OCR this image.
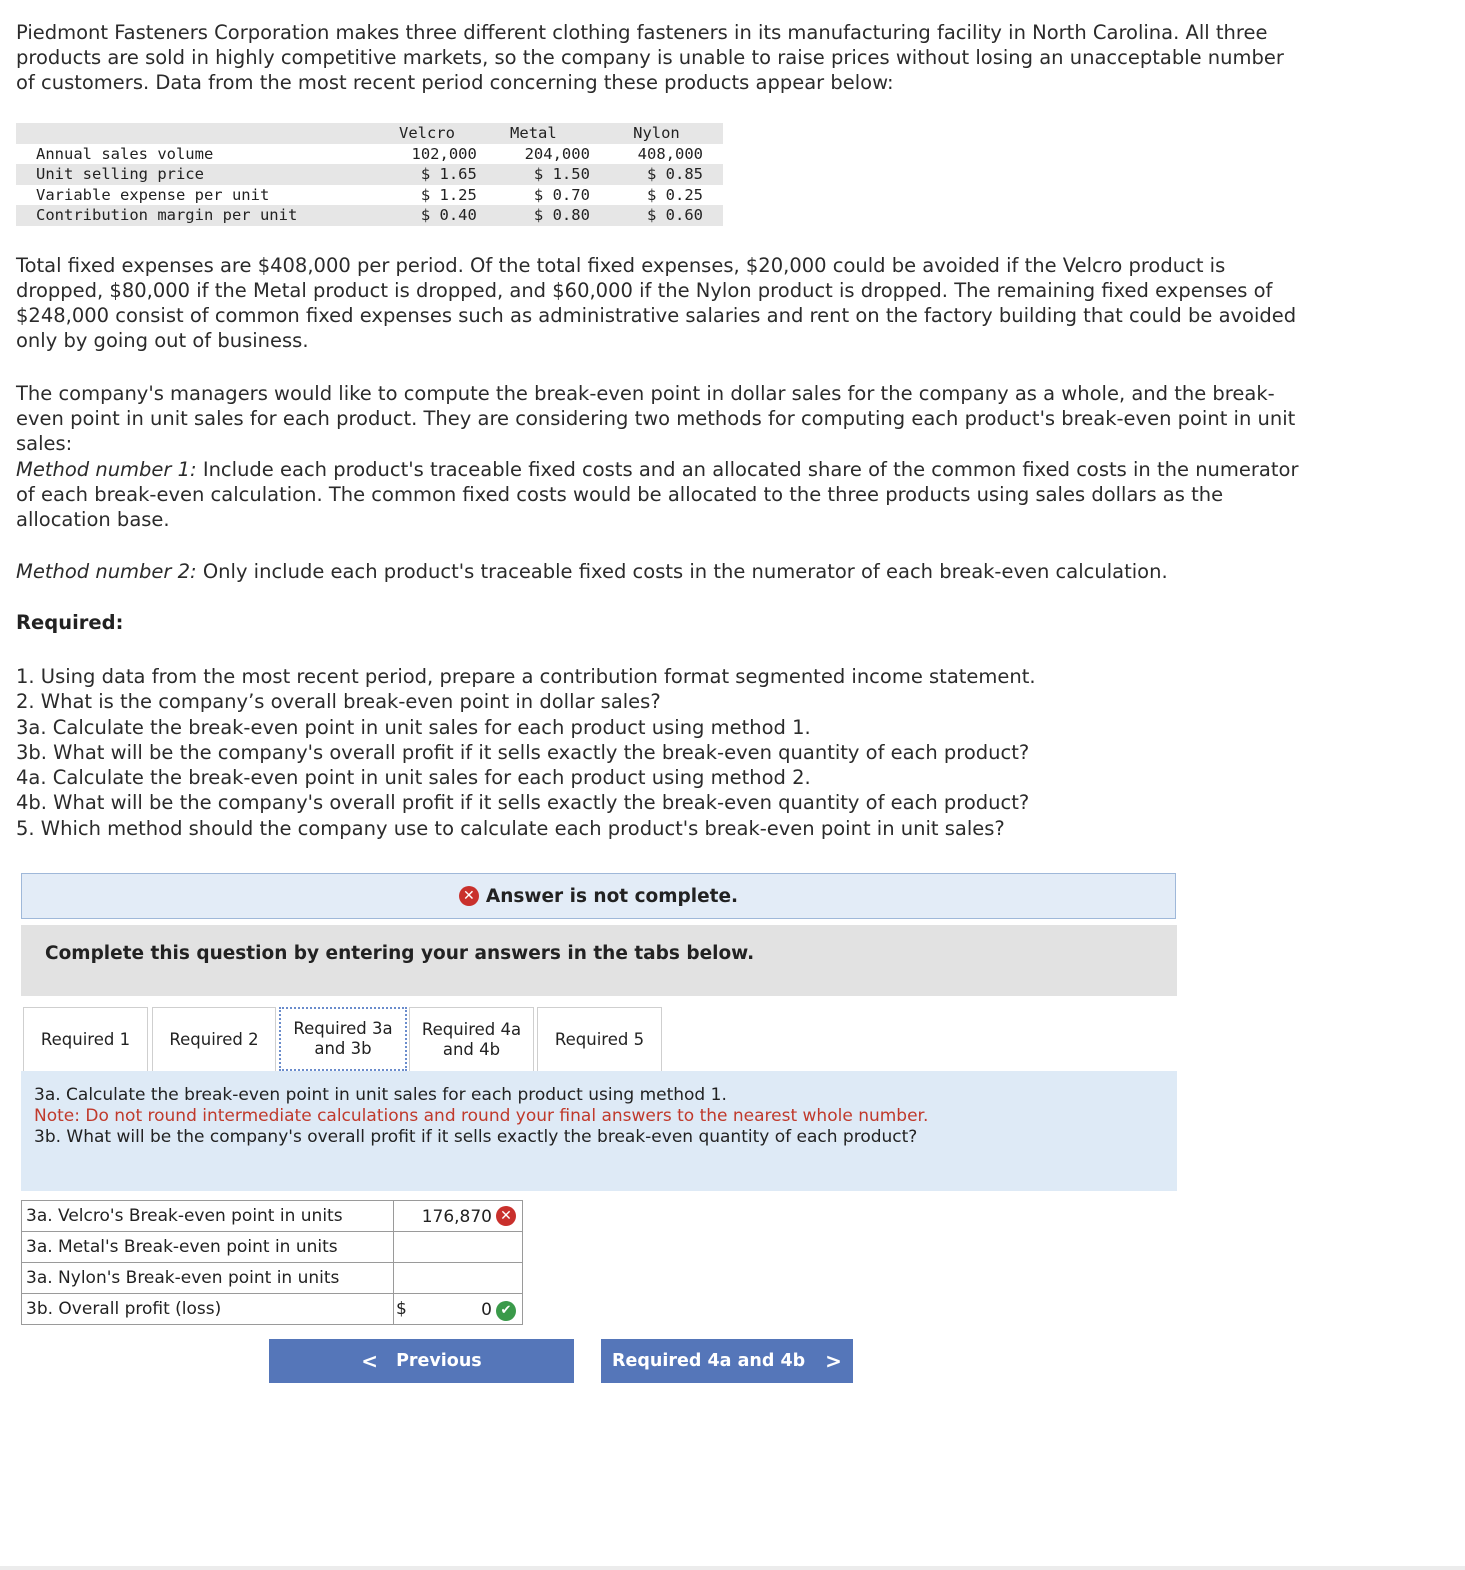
Piedmont Fasteners Corporation makes three different clothing fasteners in its manufacturing facility in North Carolina. All three products are sold in highly competitive markets, so the company is unable to raise prices without losing an unacceptable number of customers. Data from the most recent period concerning these products appear below:

	Velcro	Metal	Nylon
Annual sales volume	102,000	204,000	408,000
Unit selling price	$ 1.65	$ 1.50	$ 0.85
Variable expense per unit	$ 1.25	$ 0.70	$ 0.25
Contribution margin per unit	$ 0.40	$ 0.80	$ 0.60

Total fixed expenses are $408,000 per period. Of the total fixed expenses, $20,000 could be avoided if the Velcro product is dropped, $80,000 if the Metal product is dropped, and $60,000 if the Nylon product is dropped. The remaining fixed expenses of $248,000 consist of common fixed expenses such as administrative salaries and rent on the factory building that could be avoided only by going out of business.

The company's managers would like to compute the break-even point in dollar sales for the company as a whole, and the break-even point in unit sales for each product. They are considering two methods for computing each product's break-even point in unit sales:

Method number 1: Include each product's traceable fixed costs and an allocated share of the common fixed costs in the numerator of each break-even calculation. The common fixed costs would be allocated to the three products using sales dollars as the allocation base.

Method number 2: Only include each product's traceable fixed costs in the numerator of each break-even calculation.

Required:
1. Using data from the most recent period, prepare a contribution format segmented income statement.
2. What is the company’s overall break-even point in dollar sales?
3a. Calculate the break-even point in unit sales for each product using method 1.
3b. What will be the company's overall profit if it sells exactly the break-even quantity of each product?
4a. Calculate the break-even point in unit sales for each product using method 2.
4b. What will be the company's overall profit if it sells exactly the break-even quantity of each product?
5. Which method should the company use to calculate each product's break-even point in unit sales?
✕ Answer is not complete.
Complete this question by entering your answers in the tabs below.
Required 1 Required 2
Required 3a
and 3b
Required 4a
and 4b
Required 5
3a. Calculate the break-even point in unit sales for each product using method 1.
Note: Do not round intermediate calculations and round your final answers to the nearest whole number.
3b. What will be the company's overall profit if it sells exactly the break-even quantity of each product?
3a. Velcro's Break-even point in units	176,870 ✕

3a. Metal's Break-even point in units	
3a. Nylon's Break-even point in units	
3b. Overall profit (loss)	$ 0 ✔
< Previous	Required 4a and 4b >
